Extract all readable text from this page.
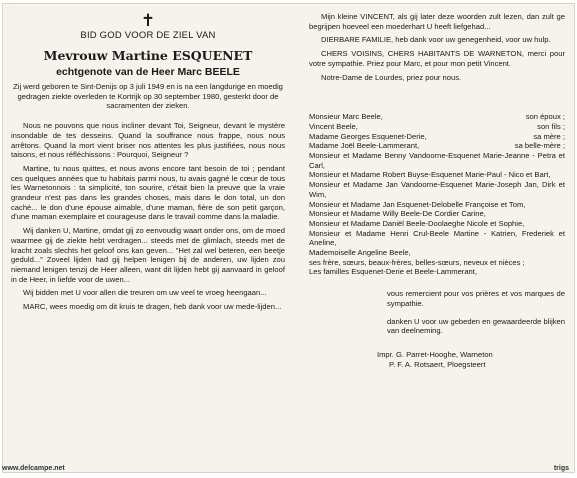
✝

BID GOD VOOR DE ZIEL VAN

Mevrouw Martine ESQUENET

echtgenote van de Heer Marc BEELE

Zij werd geboren te Sint-Denijs op 3 juli 1949 en is na een langdurige en moedig gedragen ziekte overleden te Kortrijk op 30 september 1980, gesterkt door de sacramenten der zieken.

Nous ne pouvons que nous incliner devant Toi, Seigneur, devant le mystère insondable de tes desseins. Quand la souffrance nous frappe, nous nous arrêtons. Quand la mort vient briser nos attentes les plus justifiées, nous nous taisons, et nous réfléchissons : Pourquoi, Seigneur ?

Martine, tu nous quittes, et nous avons encore tant besoin de toi ; pendant ces quelques années que tu habitais parmi nous, tu avais gagné le cœur de tous les Warnetonnois : ta simplicité, ton sourire, c'était bien la preuve que la vraie grandeur n'est pas dans les grandes choses, mais dans le don total, un don caché... le don d'une épouse aimable, d'une maman, fière de son petit garçon, d'une maman exemplaire et courageuse dans le travail comme dans la maladie.

Wij danken U, Martine, omdat gij zo eenvoudig waart onder ons, om de moed waarmee gij de ziekte hebt verdragen... steeds met de glimlach, steeds met de kracht zoals slechts het geloof ons kan geven... "Het zal wel beteren, een beetje geduld..." Zoveel lijden had gij helpen lenigen bij de anderen, uw lijden zou niemand lenigen tenzij de Heer alleen, want dit lijden hebt gij aanvaard in geloof in de Heer, in liefde voor de uwen...

Wij bidden met U voor allen die treuren om uw veel te vroeg heengaan...

MARC, wees moedig om dit kruis te dragen, heb dank voor uw mede-lijden...

Mijn kleine VINCENT, als gij later deze woorden zult lezen, dan zult ge begrijpen hoeveel een moederhart U heeft liefgehad...

DIERBARE FAMILIE, heb dank voor uw genegenheid, voor uw hulp.

CHERS VOISINS, CHERS HABITANTS DE WARNETON, merci pour votre sympathie. Priez pour Marc, et pour mon petit Vincent.

Notre-Dame de Lourdes, priez pour nous.

Monsieur Marc Beele,	son époux ;
Vincent Beele,	son fils ;
Madame Georges Esquenet-Derie,	sa mère ;
Madame Joël Beele-Lammerant,	sa belle-mère ;

Monsieur et Madame Benny Vandoorne-Esquenet Marie-Jeanne - Petra et Carl,

Monsieur et Madame Robert Buyse-Esquenet Marie-Paul - Nico et Bart,

Monsieur et Madame Jan Vandoorne-Esquenet Marie-Joseph Jan, Dirk et Wim,

Monsieur et Madame Jan Esquenet-Delobelle Françoise et Tom,

Monsieur et Madame Willy Beele-De Cordier Carine,

Monsieur et Madame Daniël Beele-Doolaeghe Nicole et Sophie,

Monsieur et Madame Henri Crul-Beele Martine - Katrien, Frederiek et Aneline,

Mademoiselle Angeline Beele,

ses frère, sœurs, beaux-frères, belles-sœurs, neveux et nièces ;

Les familles Esquenet-Derie et Beele-Lammerant,

vous remercient pour vos prières et vos marques de sympathie.

danken U voor uw gebeden en gewaardeerde blijken van deelneming.

Impr. G. Parret-Hooghe, Warneton

P. F. A. Rotsaert, Ploegsteert

www.delcampe.net	trigs
